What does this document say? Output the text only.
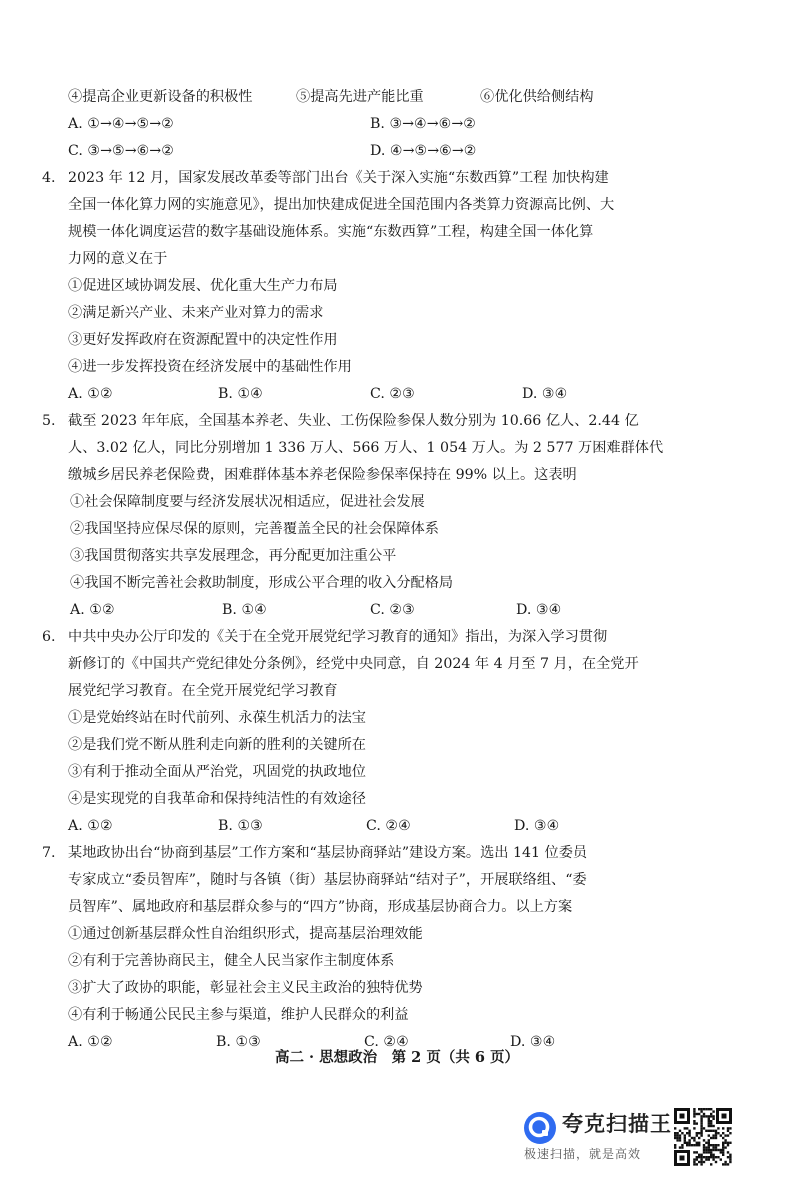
④提高企业更新设备的积极性	⑤提高先进产能比重	⑥优化供给侧结构
A. ①→④→⑤→②	B. ③→④→⑥→②
C. ③→⑤→⑥→②	D. ④→⑤→⑥→②
4. 2023 年 12 月，国家发展改革委等部门出台《关于深入实施“东数西算”工程 加快构建
全国一体化算力网的实施意见》，提出加快建成促进全国范围内各类算力资源高比例、大
规模一体化调度运营的数字基础设施体系。实施“东数西算”工程，构建全国一体化算
力网的意义在于
①促进区域协调发展、优化重大生产力布局
②满足新兴产业、未来产业对算力的需求
③更好发挥政府在资源配置中的决定性作用
④进一步发挥投资在经济发展中的基础性作用
A. ①②	B. ①④	C. ②③	D. ③④
5. 截至 2023 年年底，全国基本养老、失业、工伤保险参保人数分别为 10.66 亿人、2.44 亿
人、3.02 亿人，同比分别增加 1 336 万人、566 万人、1 054 万人。为 2 577 万困难群体代
缴城乡居民养老保险费，困难群体基本养老保险参保率保持在 99% 以上。这表明
①社会保障制度要与经济发展状况相适应，促进社会发展
②我国坚持应保尽保的原则，完善覆盖全民的社会保障体系
③我国贯彻落实共享发展理念，再分配更加注重公平
④我国不断完善社会救助制度，形成公平合理的收入分配格局
A. ①②	B. ①④	C. ②③	D. ③④
6. 中共中央办公厅印发的《关于在全党开展党纪学习教育的通知》指出，为深入学习贯彻
新修订的《中国共产党纪律处分条例》，经党中央同意，自 2024 年 4 月至 7 月，在全党开
展党纪学习教育。在全党开展党纪学习教育
①是党始终站在时代前列、永葆生机活力的法宝
②是我们党不断从胜利走向新的胜利的关键所在
③有利于推动全面从严治党，巩固党的执政地位
④是实现党的自我革命和保持纯洁性的有效途径
A. ①②	B. ①③	C. ②④	D. ③④
7. 某地政协出台“协商到基层”工作方案和“基层协商驿站”建设方案。选出 141 位委员
专家成立“委员智库”，随时与各镇（街）基层协商驿站“结对子”，开展联络组、“委
员智库”、属地政府和基层群众参与的“四方”协商，形成基层协商合力。以上方案
①通过创新基层群众性自治组织形式，提高基层治理效能
②有利于完善协商民主，健全人民当家作主制度体系
③扩大了政协的职能，彰显社会主义民主政治的独特优势
④有利于畅通公民民主参与渠道，维护人民群众的利益
A. ①②	B. ①③	C. ②④	D. ③④
高二 · 思想政治　第 2 页（共 6 页）
夸克扫描王
极速扫描，就是高效
